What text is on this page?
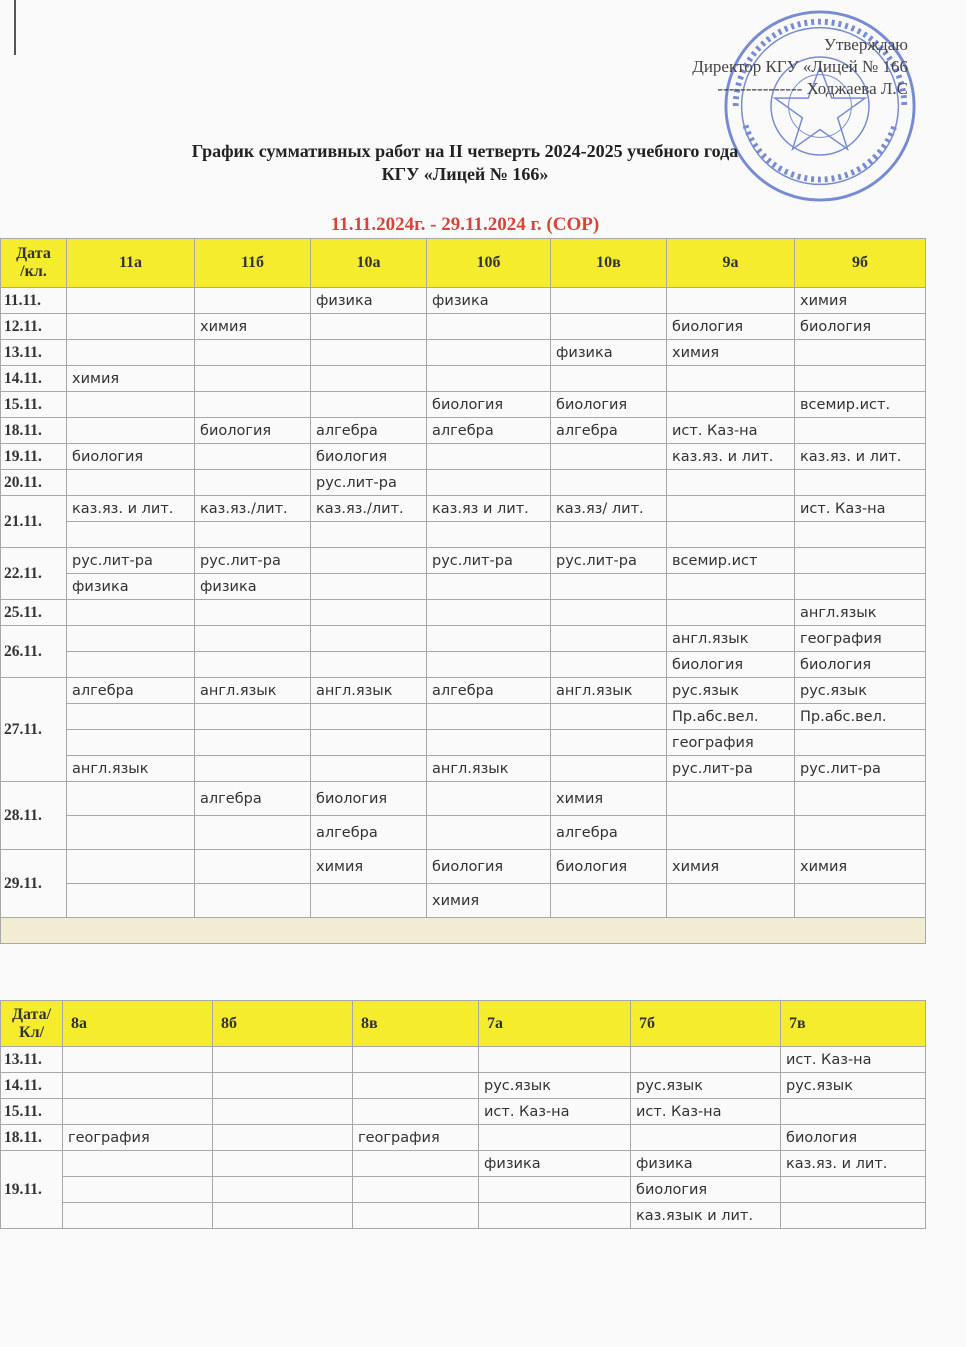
Утверждаю
Директор КГУ «Лицей № 166
--------------- Ходжаева Л.С
График суммативных работ на II четверть 2024-2025 учебного года
КГУ «Лицей № 166»
11.11.2024г. - 29.11.2024 г. (СОР)
Дата
/кл.	11а	11б	10а	10б	10в	9а	9б
11.11.			физика	физика			химия
12.11.		химия				биология	биология
13.11.					физика	химия	
14.11.	химия						
15.11.				биология	биология		всемир.ист.
18.11.		биология	алгебра	алгебра	алгебра	ист. Каз-на	
19.11.	биология		биология			каз.яз. и лит.	каз.яз. и лит.
20.11.			рус.лит-ра				
21.11.	каз.яз. и лит.	каз.яз./лит.	каз.яз./лит.	каз.яз и лит.	каз.яз/ лит.		ист. Каз-на

22.11.	рус.лит-ра	рус.лит-ра		рус.лит-ра	рус.лит-ра	всемир.ист	
	физика	физика					
25.11.							англ.язык
26.11.						англ.язык	география
						биология	биология
27.11.	алгебра	англ.язык	англ.язык	алгебра	англ.язык	рус.язык	рус.язык
						Пр.абс.вел.	Пр.абс.вел.
						география	
	англ.язык			англ.язык		рус.лит-ра	рус.лит-ра
28.11.		алгебра	биология		химия		
			алгебра		алгебра		
29.11.			химия	биология	биология	химия	химия
				химия			

Дата/
Кл/	8а	8б	8в	7а	7б	7в
13.11.						ист. Каз-на
14.11.				рус.язык	рус.язык	рус.язык
15.11.				ист. Каз-на	ист. Каз-на	
18.11.	география		география			биология
19.11.				физика	физика	каз.яз. и лит.
					биология	
					каз.язык и лит.	
